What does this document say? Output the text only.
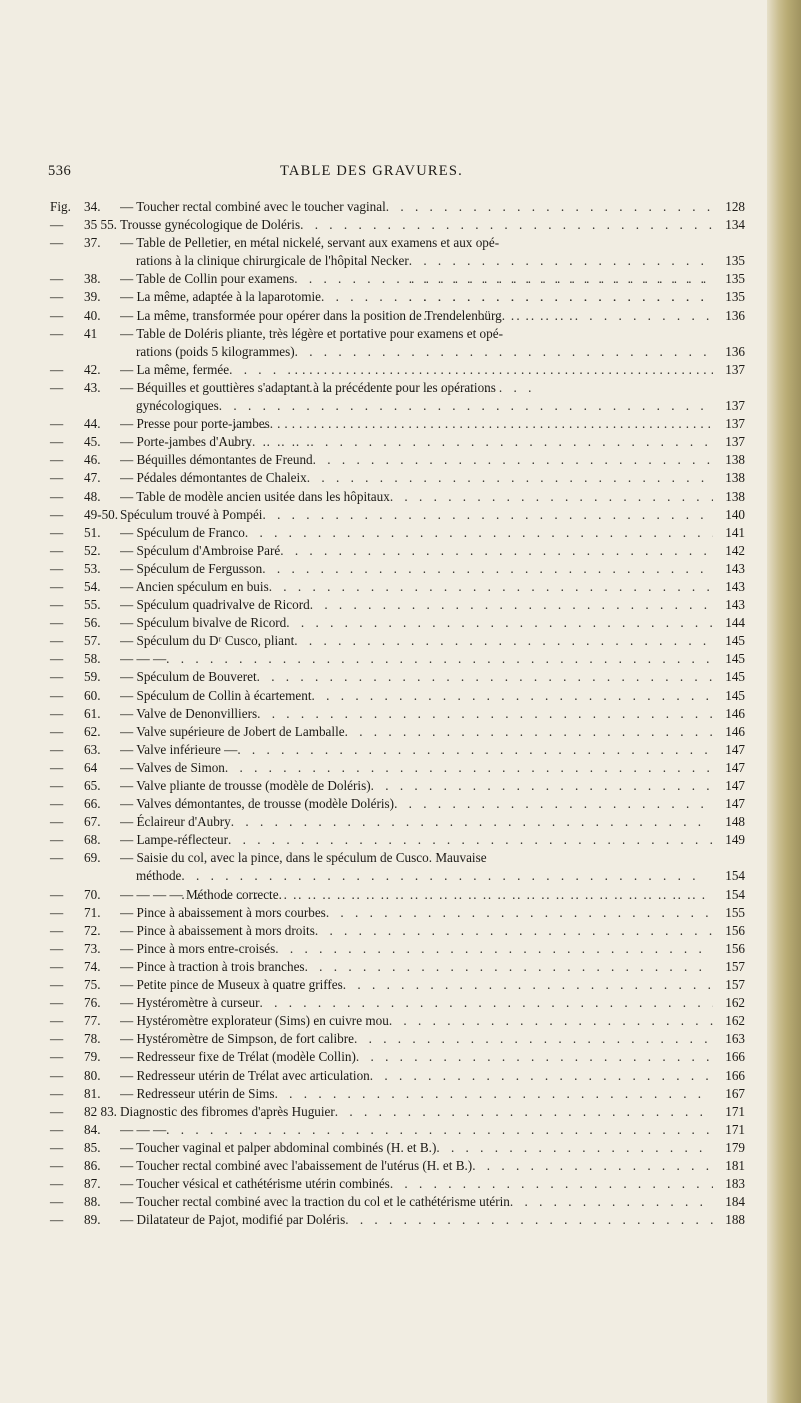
536	TABLE DES GRAVURES.
Fig. 34.	— Toucher rectal combiné avec le toucher vaginal . . .	128
—	35 55. Trousse gynécologique de Doléris . . .	134
—	37.	— Table de Pelletier, en métal nickelé, servant aux examens et aux opé-
rations à la clinique chirurgicale de l'hôpital Necker . . .	135
—	38.	— Table de Collin pour examens . . .	135
—	39.	— La même, adaptée à la laparotomie . . .	135
—	40.	— La même, transformée pour opérer dans la position de Trendelenbürg . . .	136
—	41	— Table de Doléris pliante, très légère et portative pour examens et opé-
rations (poids 5 kilogrammes) . . .	136
—	42.	— La même, fermée . . .	137
—	43.	— Béquilles et gouttières s'adaptant à la précédente pour les opérations
gynécologiques . . .	137
—	44.	— Presse pour porte-jambes . . .	137
—	45.	— Porte-jambes d'Aubry . . .	137
—	46.	— Béquilles démontantes de Freund . . .	138
—	47.	— Pédales démontantes de Chaleix . . .	138
—	48.	— Table de modèle ancien usitée dans les hôpitaux . . .	138
—	49-50. Spéculum trouvé à Pompéi . . .	140
—	51.	— Spéculum de Franco . . .	141
—	52.	— Spéculum d'Ambroise Paré . . .	142
—	53.	— Spéculum de Fergusson . . .	143
—	54.	— Ancien spéculum en buis . . .	143
—	55.	— Spéculum quadrivalve de Ricord . . .	143
—	56.	— Spéculum bivalve de Ricord . . .	144
—	57.	— Spéculum du Dʳ Cusco, pliant . . .	145
—	58.	— — — . . .	145
—	59.	— Spéculum de Bouveret . . .	145
—	60.	— Spéculum de Collin à écartement . . .	145
—	61.	— Valve de Denonvilliers . . .	146
—	62.	— Valve supérieure de Jobert de Lamballe . . .	146
—	63.	— Valve inférieure — . . .	147
—	64	— Valves de Simon . . .	147
—	65.	— Valve pliante de trousse (modèle de Doléris) . . .	147
—	66.	— Valves démontantes, de trousse (modèle Doléris) . . .	147
—	67.	— Éclaireur d'Aubry . . .	148
—	68.	— Lampe-réflecteur . . .	149
—	69.	— Saisie du col, avec la pince, dans le spéculum de Cusco. Mauvaise
méthode . . .	154
—	70.	— — — — Méthode correcte . . .	154
—	71.	— Pince à abaissement à mors courbes . . .	155
—	72.	— Pince à abaissement à mors droits . . .	156
—	73.	— Pince à mors entre-croisés . . .	156
—	74.	— Pince à traction à trois branches . . .	157
—	75.	— Petite pince de Museux à quatre griffes . . .	157
—	76.	— Hystéromètre à curseur . . .	162
—	77.	— Hystéromètre explorateur (Sims) en cuivre mou . . .	162
—	78.	— Hystéromètre de Simpson, de fort calibre . . .	163
—	79.	— Redresseur fixe de Trélat (modèle Collin) . . .	166
—	80.	— Redresseur utérin de Trélat avec articulation . . .	166
—	81.	— Redresseur utérin de Sims . . .	167
—	82 83. Diagnostic des fibromes d'après Huguier . . .	171
—	84.	— — — . . .	171
—	85.	— Toucher vaginal et palper abdominal combinés (H. et B.) . . .	179
—	86.	— Toucher rectal combiné avec l'abaissement de l'utérus (H. et B.) . . .	181
—	87.	— Toucher vésical et cathétérisme utérin combinés . . .	183
—	88.	— Toucher rectal combiné avec la traction du col et le cathétérisme utérin . . .	184
—	89.	— Dilatateur de Pajot, modifié par Doléris . . .	188
